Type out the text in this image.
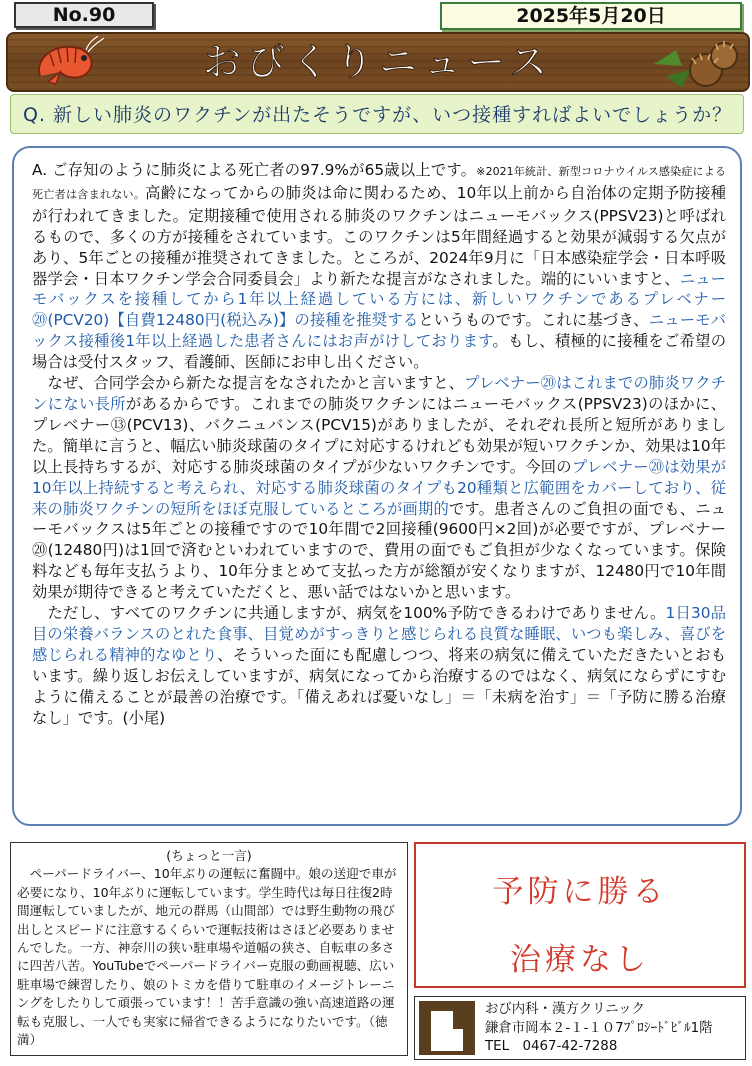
No.90	2025年5月20日
おびくりニュース
Q. 新しい肺炎のワクチンが出たそうですが、いつ接種すればよいでしょうか？

A. ご存知のように肺炎による死亡者の97.9%が65歳以上です。※2021年統計、新型コロナウイルス感染症による死亡者は含まれない。高齢になってからの肺炎は命に関わるため、10年以上前から自治体の定期予防接種が行われてきました。定期接種で使用される肺炎のワクチンはニューモバックス(PPSV23)と呼ばれるもので、多くの方が接種をされています。このワクチンは5年間経過すると効果が減弱する欠点があり、5年ごとの接種が推奨されてきました。ところが、2024年9月に「日本感染症学会・日本呼吸器学会・日本ワクチン学会合同委員会」より新たな提言がなされました。端的にいいますと、ニューモバックスを接種してから1年以上経過している方には、新しいワクチンであるプレベナー⑳(PCV20)【自費12480円(税込み)】の接種を推奨するというものです。これに基づき、ニューモバックス接種後1年以上経過した患者さんにはお声がけしております。もし、積極的に接種をご希望の場合は受付スタッフ、看護師、医師にお申し出ください。

　なぜ、合同学会から新たな提言をなされたかと言いますと、プレベナー⑳はこれまでの肺炎ワクチンにない長所があるからです。これまでの肺炎ワクチンにはニューモバックス(PPSV23)のほかに、プレベナー⑬(PCV13)、バクニュバンス(PCV15)がありましたが、それぞれ長所と短所がありました。簡単に言うと、幅広い肺炎球菌のタイプに対応するけれども効果が短いワクチンか、効果は10年以上長持ちするが、対応する肺炎球菌のタイプが少ないワクチンです。今回のプレベナー⑳は効果が10年以上持続すると考えられ、対応する肺炎球菌のタイプも20種類と広範囲をカバーしており、従来の肺炎ワクチンの短所をほぼ克服しているところが画期的です。患者さんのご負担の面でも、ニューモバックスは5年ごとの接種ですので10年間で2回接種(9600円×2回)が必要ですが、プレベナー⑳(12480円)は1回で済むといわれていますので、費用の面でもご負担が少なくなっています。保険料なども毎年支払うより、10年分まとめて支払った方が総額が安くなりますが、12480円で10年間効果が期待できると考えていただくと、悪い話ではないかと思います。

　ただし、すべてのワクチンに共通しますが、病気を100%予防できるわけでありません。1日30品目の栄養バランスのとれた食事、目覚めがすっきりと感じられる良質な睡眠、いつも楽しみ、喜びを感じられる精神的なゆとり、そういった面にも配慮しつつ、将来の病気に備えていただきたいとおもいます。繰り返しお伝えしていますが、病気になってから治療するのではなく、病気にならずにすむように備えることが最善の治療です。「備えあれば憂いなし」＝「未病を治す」＝「予防に勝る治療なし」です。(小尾)

(ちょっと一言)

　ペーパードライバー、10年ぶりの運転に奮闘中。娘の送迎で車が必要になり、10年ぶりに運転しています。学生時代は毎日往復2時間運転していましたが、地元の群馬（山間部）では野生動物の飛び出しとスピードに注意するくらいで運転技術はさほど必要ありませんでした。一方、神奈川の狭い駐車場や道幅の狭さ、自転車の多さに四苦八苦。YouTubeでペーパードライバー克服の動画視聴、広い駐車場で練習したり、娘のトミカを借りて駐車のイメージトレーニングをしたりして頑張っています！！苦手意識の強い高速道路の運転も克服し、一人でも実家に帰省できるようになりたいです。（徳満）

予防に勝る
治療なし
おび内科・漢方クリニック
鎌倉市岡本２-１-１０7ﾌﾟﾛｼｰﾄﾞﾋﾞﾙ1階
TEL　0467-42-7288
